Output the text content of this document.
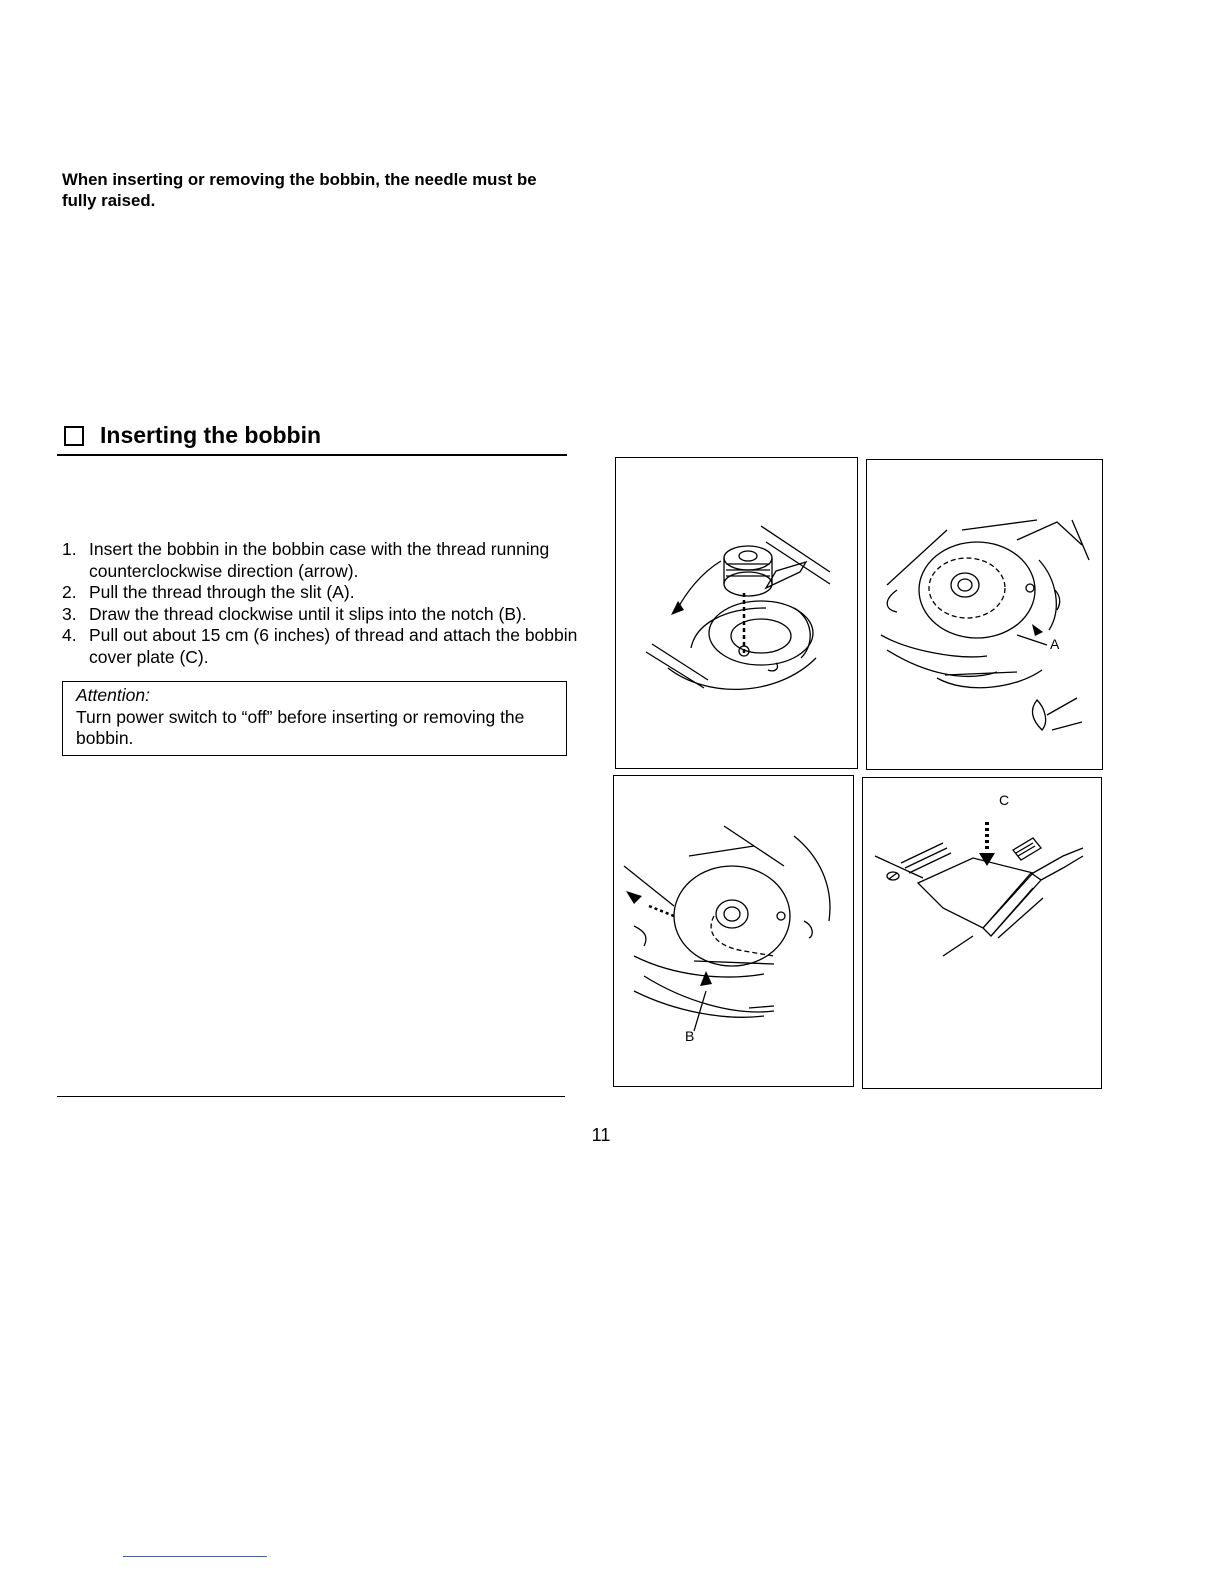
Inserting the bobbin
When inserting or removing the bobbin, the needle must be fully raised.
1. Insert the bobbin in the bobbin case with the thread running counterclockwise direction (arrow).
2. Pull the thread through the slit (A).
3. Draw the thread clockwise until it slips into the notch (B).
4. Pull out about 15 cm (6 inches) of thread and attach the bobbin cover plate (C).
Attention:
Turn power switch to “off” before inserting or removing the bobbin.
A
B
C
11
